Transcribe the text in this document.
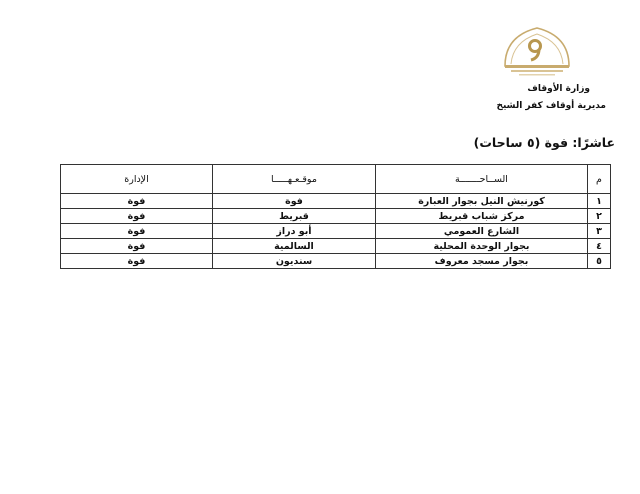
وزارة الأوقاف
مديرية أوقاف كفر الشيخ
عاشرًا: فوة (٥ ساحات)
م	الســاحـــــــة	موقـعـهـــــا	الإدارة
١	كورنيش النيل بجوار العبارة	فوة	فوة
٢	مركز شباب قبريط	قبريط	فوة
٣	الشارع العمومي	أبو دراز	فوة
٤	بجوار الوحدة المحلية	السالمية	فوة
٥	بجوار مسجد معروف	سنديون	فوة
